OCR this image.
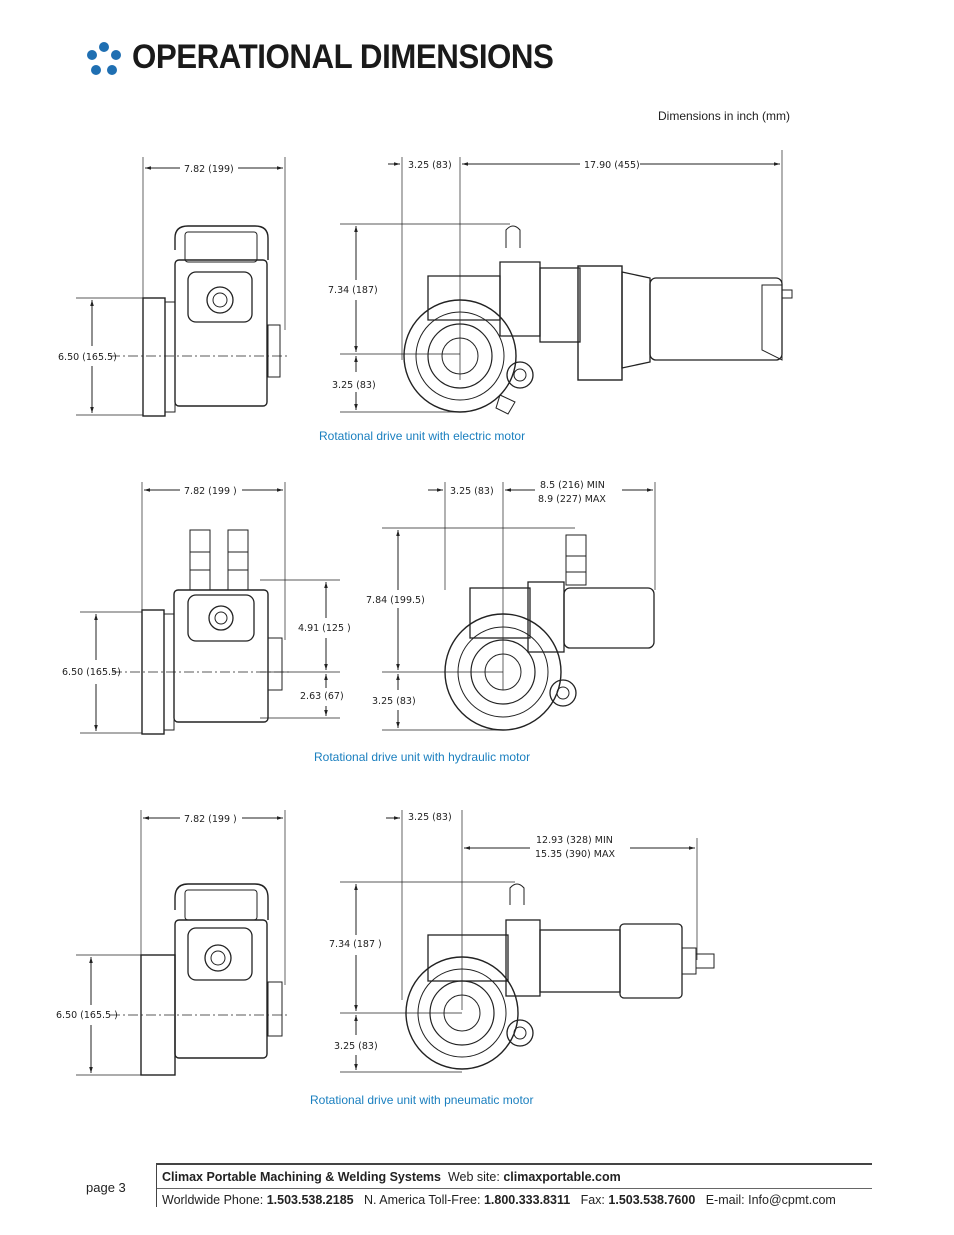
OPERATIONAL DIMENSIONS
Dimensions in inch (mm)
7.82 (199)
6.50 (165.5)
3.25 (83)	17.90 (455)
7.34 (187)
3.25 (83)
7.82 (199 )
6.50 (165.5)
4.91 (125 )
2.63 (67)
3.25 (83)
8.5 (216) MIN
8.9 (227) MAX
7.84 (199.5)
3.25 (83)
7.82 (199 )
6.50 (165.5 )
3.25 (83)
12.93 (328) MIN
15.35 (390) MAX
7.34 (187 )
3.25 (83)
Rotational drive unit with electric motor
Rotational drive unit with hydraulic motor
Rotational drive unit with pneumatic motor
page 3
Climax Portable Machining & Welding Systems Web site: climaxportable.com
Worldwide Phone: 1.503.538.2185 N. America Toll-Free: 1.800.333.8311 Fax: 1.503.538.7600 E-mail: Info@cpmt.com
